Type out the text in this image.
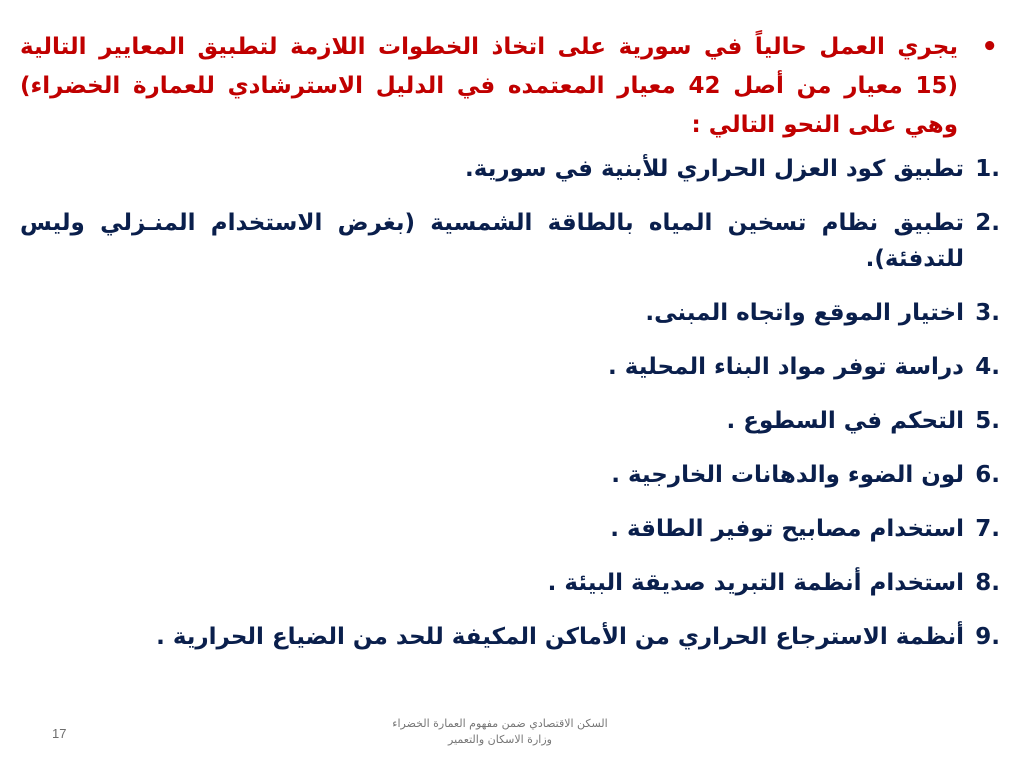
•
يجري العمل حالياً في سورية على اتخاذ الخطوات اللازمة لتطبيق المعايير التالية (15 معيار من أصل 42 معيار المعتمده في الدليل الاسترشادي للعمارة الخضراء) وهي على النحو التالي :

1.
تطبيق كود العزل الحراري للأبنية في سورية.
2.
تطبيق نظام تسخين المياه بالطاقة الشمسية (بغرض الاستخدام المنـزلي وليس للتدفئة).
3.
اختيار الموقع واتجاه المبنى.
4.
دراسة توفر مواد البناء المحلية .
5.
التحكم في السطوع .
6.
لون الضوء والدهانات الخارجية .
7.
استخدام مصابيح توفير الطاقة .
8.
استخدام أنظمة التبريد صديقة البيئة .
9.
أنظمة الاسترجاع الحراري من الأماكن المكيفة للحد من الضياع الحرارية .
السكن الاقتصادي ضمن مفهوم العمارة الخضراء
وزارة الاسكان والتعمير
17
